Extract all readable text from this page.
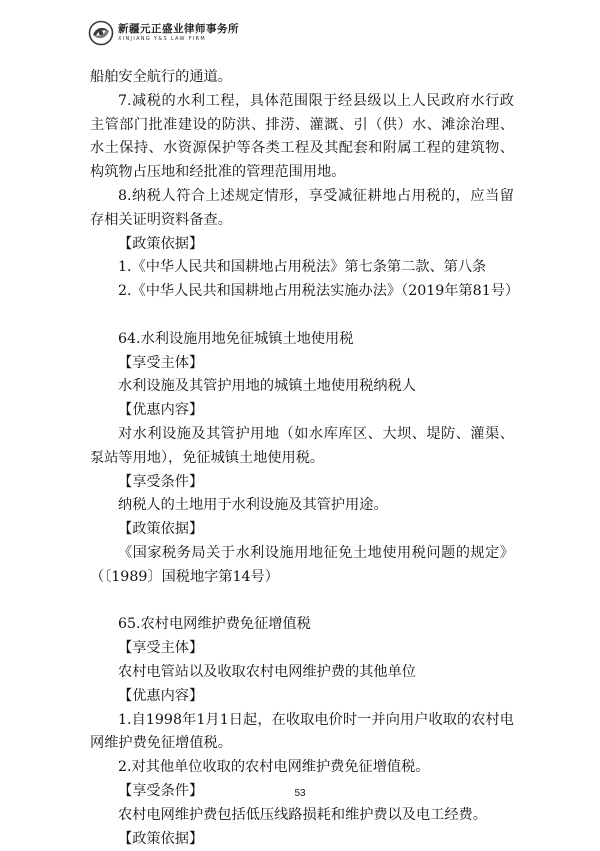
新疆元正盛业律师事务所
XINJIANG Y&S LAW FIRM

船舶安全航行的通道。

7.减税的水利工程，具体范围限于经县级以上人民政府水行政主管部门批准建设的防洪、排涝、灌溉、引（供）水、滩涂治理、水土保持、水资源保护等各类工程及其配套和附属工程的建筑物、构筑物占压地和经批准的管理范围用地。

8.纳税人符合上述规定情形，享受减征耕地占用税的，应当留存相关证明资料备查。

【政策依据】

1.《中华人民共和国耕地占用税法》第七条第二款、第八条

2.《中华人民共和国耕地占用税法实施办法》（2019年第81号）

64.水利设施用地免征城镇土地使用税

【享受主体】

水利设施及其管护用地的城镇土地使用税纳税人

【优惠内容】

对水利设施及其管护用地（如水库库区、大坝、堤防、灌渠、泵站等用地），免征城镇土地使用税。

【享受条件】

纳税人的土地用于水利设施及其管护用途。

【政策依据】

《国家税务局关于水利设施用地征免土地使用税问题的规定》（〔1989〕国税地字第14号）

65.农村电网维护费免征增值税

【享受主体】

农村电管站以及收取农村电网维护费的其他单位

【优惠内容】

1.自1998年1月1日起，在收取电价时一并向用户收取的农村电网维护费免征增值税。

2.对其他单位收取的农村电网维护费免征增值税。

【享受条件】

农村电网维护费包括低压线路损耗和维护费以及电工经费。

【政策依据】

53
